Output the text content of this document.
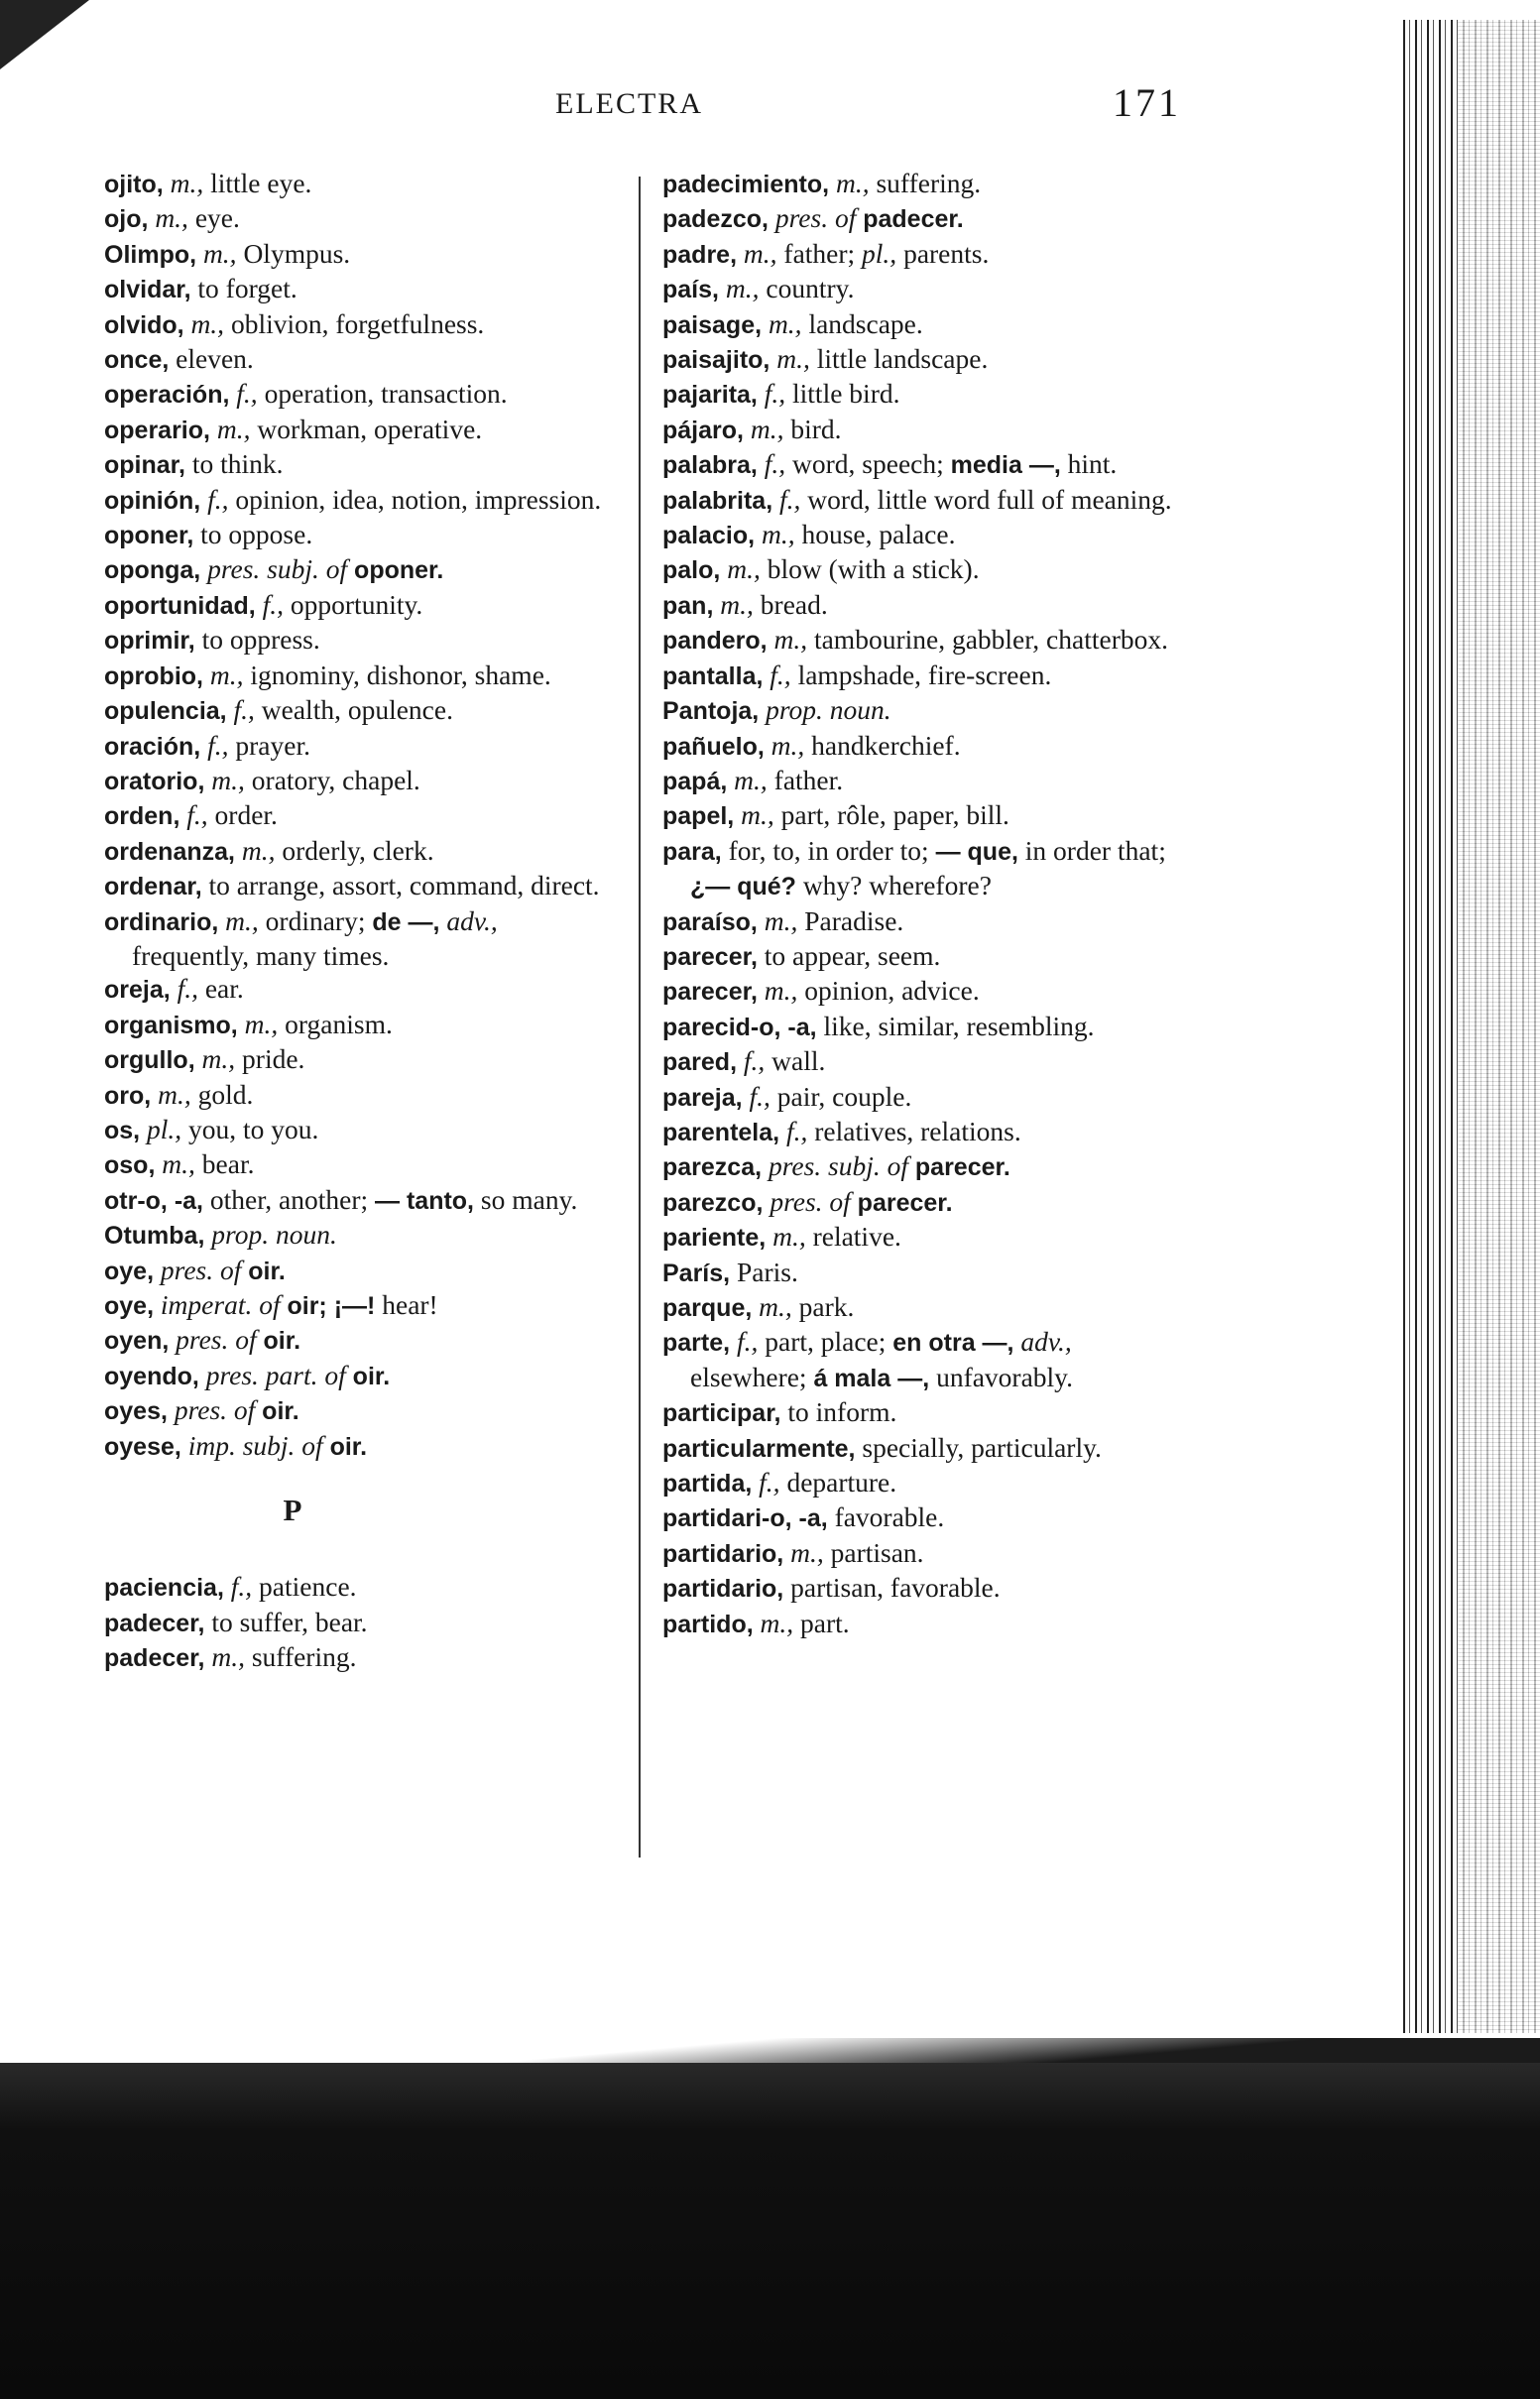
ELECTRA	171

ojito, m., little eye.

ojo, m., eye.

Olimpo, m., Olympus.

olvidar, to forget.

olvido, m., oblivion, forgetfulness.

once, eleven.

operación, f., operation, transaction.

operario, m., workman, operative.

opinar, to think.

opinión, f., opinion, idea, notion, impression.

oponer, to oppose.

oponga, pres. subj. of oponer.

oportunidad, f., opportunity.

oprimir, to oppress.

oprobio, m., ignominy, dishonor, shame.

opulencia, f., wealth, opulence.

oración, f., prayer.

oratorio, m., oratory, chapel.

orden, f., order.

ordenanza, m., orderly, clerk.

ordenar, to arrange, assort, command, direct.

ordinario, m., ordinary; de —, adv., frequently, many times.

oreja, f., ear.

organismo, m., organism.

orgullo, m., pride.

oro, m., gold.

os, pl., you, to you.

oso, m., bear.

otr-o, -a, other, another; — tanto, so many.

Otumba, prop. noun.

oye, pres. of oir.

oye, imperat. of oir; ¡—! hear!

oyen, pres. of oir.

oyendo, pres. part. of oir.

oyes, pres. of oir.

oyese, imp. subj. of oir.

P

paciencia, f., patience.

padecer, to suffer, bear.

padecer, m., suffering.

padecimiento, m., suffering.

padezco, pres. of padecer.

padre, m., father; pl., parents.

país, m., country.

paisage, m., landscape.

paisajito, m., little landscape.

pajarita, f., little bird.

pájaro, m., bird.

palabra, f., word, speech; media —, hint.

palabrita, f., word, little word full of meaning.

palacio, m., house, palace.

palo, m., blow (with a stick).

pan, m., bread.

pandero, m., tambourine, gabbler, chatterbox.

pantalla, f., lampshade, fire-screen.

Pantoja, prop. noun.

pañuelo, m., handkerchief.

papá, m., father.

papel, m., part, rôle, paper, bill.

para, for, to, in order to; — que, in order that; ¿— qué? why? wherefore?

paraíso, m., Paradise.

parecer, to appear, seem.

parecer, m., opinion, advice.

parecid-o, -a, like, similar, resembling.

pared, f., wall.

pareja, f., pair, couple.

parentela, f., relatives, relations.

parezca, pres. subj. of parecer.

parezco, pres. of parecer.

pariente, m., relative.

París, Paris.

parque, m., park.

parte, f., part, place; en otra —, adv., elsewhere; á mala —, unfavorably.

participar, to inform.

particularmente, specially, particularly.

partida, f., departure.

partidari-o, -a, favorable.

partidario, m., partisan.

partidario, partisan, favorable.

partido, m., part.
